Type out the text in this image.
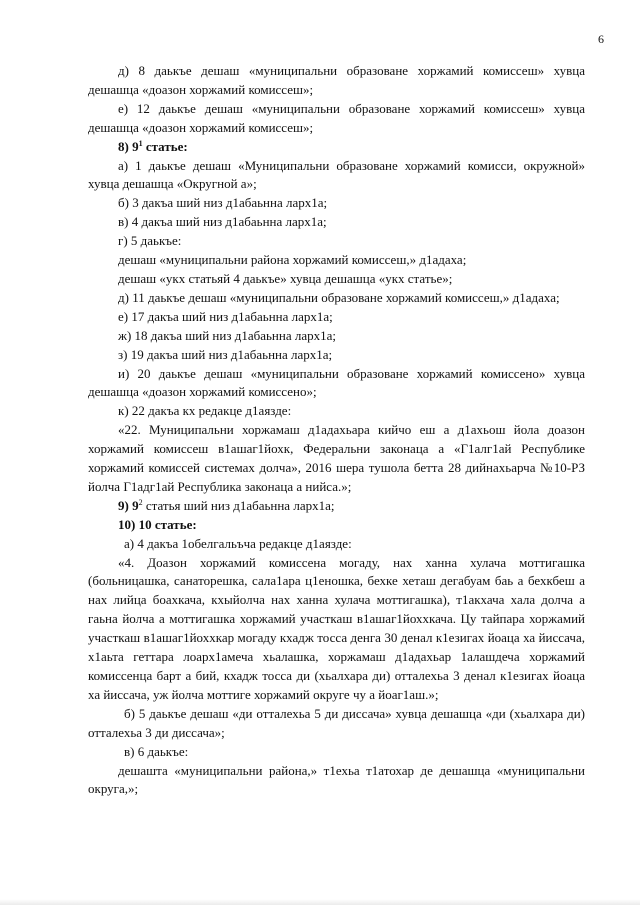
6

д) 8 даькъе дешаш «муниципальни образоване хоржамий комиссеш» хувца дешашца «доазон хоржамий комиссеш»;

е) 12 даькъе дешаш «муниципальни образоване хоржамий комиссеш» хувца дешашца «доазон хоржамий комиссеш»;

8) $9^1$ статье:

а) 1 даькъе дешаш «Муниципальни образоване хоржамий комисси, окружной» хувца дешашца «Округной а»;

б) 3 дакъа ший низ д1абаьнна ларх1а;

в) 4 дакъа ший низ д1абаьнна ларх1а;

г) 5 даькъе:

дешаш «муниципальни района хоржамий комиссеш,» д1адаха;

дешаш «укх статьяй 4 даькъе» хувца дешашца «укх статье»;

д) 11 даькъе дешаш «муниципальни образоване хоржамий комиссеш,» д1адаха;

е) 17 дакъа ший низ д1абаьнна ларх1а;

ж) 18 дакъа ший низ д1абаьнна ларх1а;

з) 19 дакъа ший низ д1абаьнна ларх1а;

и) 20 даькъе дешаш «муниципальни образоване хоржамий комиссено» хувца дешашца «доазон хоржамий комиссено»;

к) 22 дакъа кх редакце д1аязде:

«22. Муниципальни хоржамаш д1адахьара кийчо еш а д1ахьош йола доазон хоржамий комиссеш в1ашаг1йохк, Федеральни законаца а «Г1алг1ай Республике хоржамий комиссей системах долча», 2016 шера тушола бетта 28 дийнахьарча №10-РЗ йолча Г1адг1ай Республика законаца а нийса.»;

9) $9^2$ статья ший низ д1абаьнна ларх1а;

10) 10 статье:

а) 4 дакъа 1обелгальъча редакце д1аязде:

«4. Доазон хоржамий комиссена могаду, нах ханна хулача моттигашка (больницашка, санаторешка, сала1ара ц1еношка, бехке хеташ дегабуам баь а бехкбеш а нах лийца боахкача, кхыйолча нах ханна хулача моттигашка), т1акхача хала долча а гаьна йолча а моттигашка хоржамий участкаш в1ашаг1йоххкача. Цу тайпара хоржамий участкаш в1ашаг1йоххкар могаду кхадж тосса денга 30 денал к1езигах йоаца ха йиссача, х1аьта геттара лоарх1амеча хьалашка, хоржамаш д1адахьар 1алашдеча хоржамий комиссенца барт а бий, кхадж тосса ди (хьалхара ди) отталехьа 3 денал к1езигах йоаца ха йиссача, уж йолча моттиге хоржамий округе чу а йоаг1аш.»;

б) 5 даькъе дешаш «ди отталехьа 5 ди диссача» хувца дешашца «ди (хьалхара ди) отталехьа 3 ди диссача»;

в) 6 даькъе:

дешашта «муниципальни района,» т1ехьа т1атохар де дешашца «муниципальни округа,»;
